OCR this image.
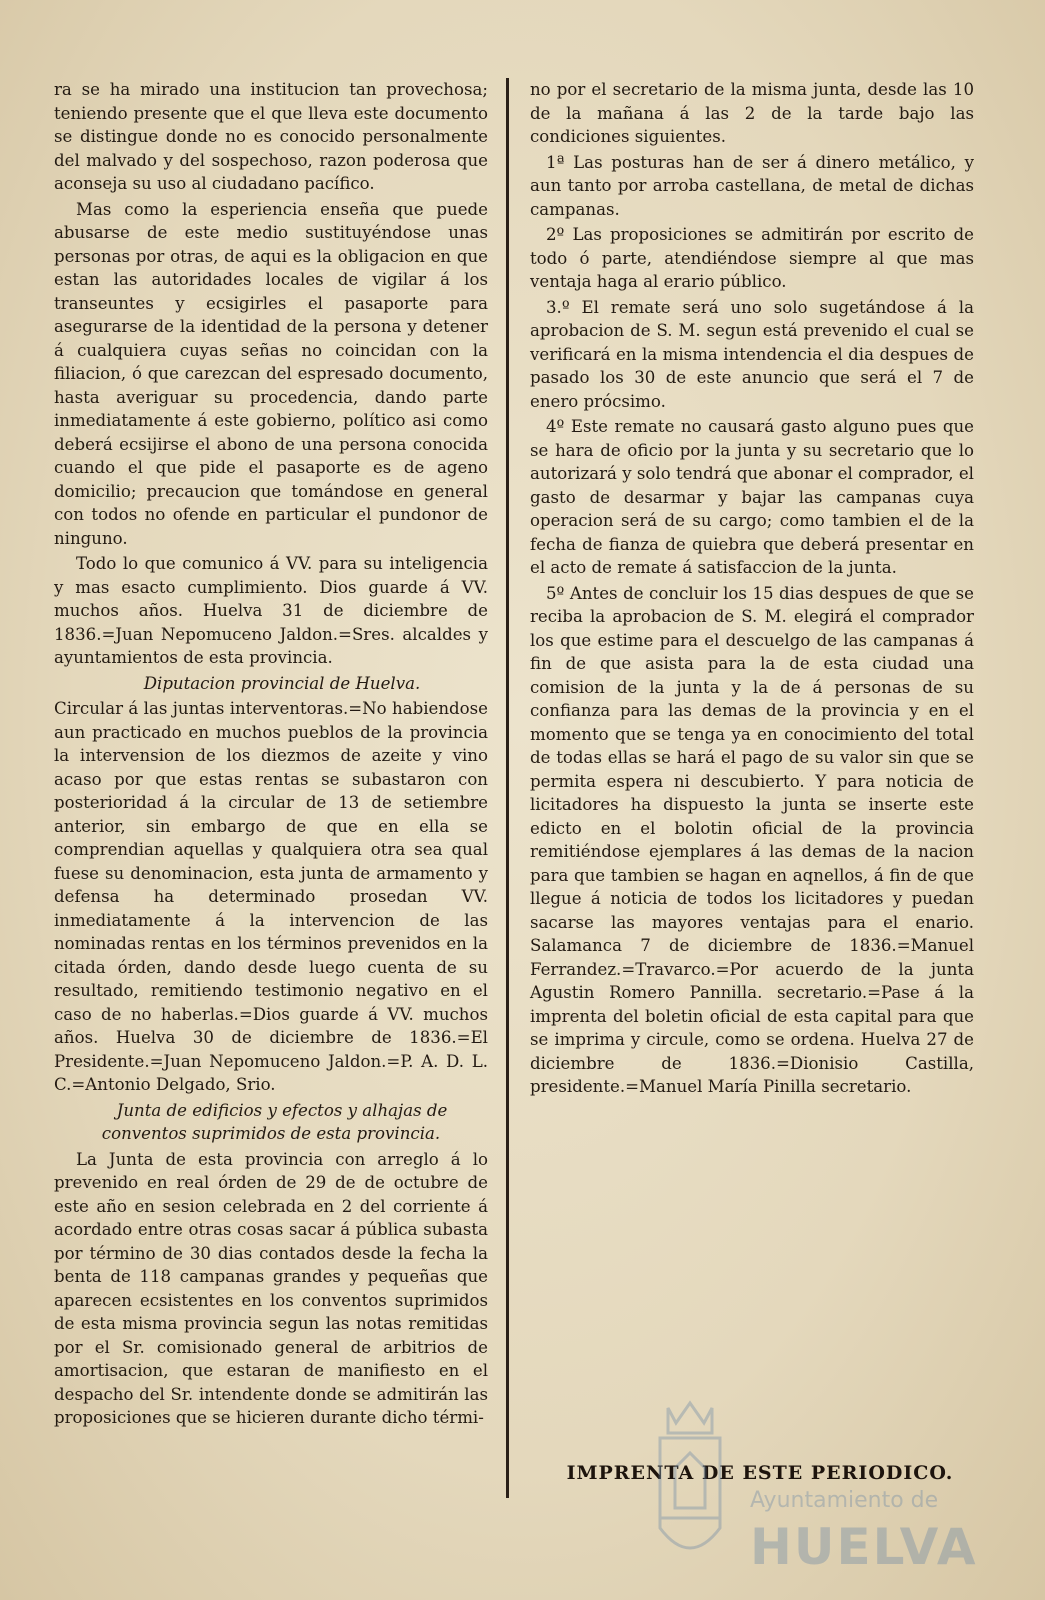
ra se ha mirado una institucion tan provechosa; teniendo presente que el que lleva este documento se distingue donde no es conocido personalmente del malvado y del sospechoso, razon poderosa que aconseja su uso al ciudadano pacífico.

Mas como la esperiencia enseña que puede abusarse de este medio sustituyéndose unas personas por otras, de aqui es la obligacion en que estan las autoridades locales de vigilar á los transeuntes y ecsigirles el pasaporte para asegurarse de la identidad de la persona y detener á cualquiera cuyas señas no coincidan con la filiacion, ó que carezcan del espresado documento, hasta averiguar su procedencia, dando parte inmediatamente á este gobierno, político asi como deberá ecsijirse el abono de una persona conocida cuando el que pide el pasaporte es de ageno domicilio; precaucion que tomándose en general con todos no ofende en particular el pundonor de ninguno.

Todo lo que comunico á VV. para su inteligencia y mas esacto cumplimiento. Dios guarde á VV. muchos años. Huelva 31 de diciembre de 1836.=Juan Nepomuceno Jaldon.=Sres. alcaldes y ayuntamientos de esta provincia.

Diputacion provincial de Huelva.

Circular á las juntas interventoras.=No habiendose aun practicado en muchos pueblos de la provincia la intervension de los diezmos de azeite y vino acaso por que estas rentas se subastaron con posterioridad á la circular de 13 de setiembre anterior, sin embargo de que en ella se comprendian aquellas y qualquiera otra sea qual fuese su denominacion, esta junta de armamento y defensa ha determinado prosedan VV. inmediatamente á la intervencion de las nominadas rentas en los términos prevenidos en la citada órden, dando desde luego cuenta de su resultado, remitiendo testimonio negativo en el caso de no haberlas.=Dios guarde á VV. muchos años. Huelva 30 de diciembre de 1836.=El Presidente.=Juan Nepomuceno Jaldon.=P. A. D. L. C.=Antonio Delgado, Srio.

Junta de edificios y efectos y alhajas de conventos suprimidos de esta provincia.

La Junta de esta provincia con arreglo á lo prevenido en real órden de 29 de de octubre de este año en sesion celebrada en 2 del corriente á acordado entre otras cosas sacar á pública subasta por término de 30 dias contados desde la fecha la benta de 118 campanas grandes y pequeñas que aparecen ecsistentes en los conventos suprimidos de esta misma provincia segun las notas remitidas por el Sr. comisionado general de arbitrios de amortisacion, que estaran de manifiesto en el despacho del Sr. intendente donde se admitirán las proposiciones que se hicieren durante dicho térmi-

no por el secretario de la misma junta, desde las 10 de la mañana á las 2 de la tarde bajo las condiciones siguientes.

1ª Las posturas han de ser á dinero metálico, y aun tanto por arroba castellana, de metal de dichas campanas.

2º Las proposiciones se admitirán por escrito de todo ó parte, atendiéndose siempre al que mas ventaja haga al erario público.

3.º El remate será uno solo sugetándose á la aprobacion de S. M. segun está prevenido el cual se verificará en la misma intendencia el dia despues de pasado los 30 de este anuncio que será el 7 de enero prócsimo.

4º Este remate no causará gasto alguno pues que se hara de oficio por la junta y su secretario que lo autorizará y solo tendrá que abonar el comprador, el gasto de desarmar y bajar las campanas cuya operacion será de su cargo; como tambien el de la fecha de fianza de quiebra que deberá presentar en el acto de remate á satisfaccion de la junta.

5º Antes de concluir los 15 dias despues de que se reciba la aprobacion de S. M. elegirá el comprador los que estime para el descuelgo de las campanas á fin de que asista para la de esta ciudad una comision de la junta y la de á personas de su confianza para las demas de la provincia y en el momento que se tenga ya en conocimiento del total de todas ellas se hará el pago de su valor sin que se permita espera ni descubierto. Y para noticia de licitadores ha dispuesto la junta se inserte este edicto en el bolotin oficial de la provincia remitiéndose ejemplares á las demas de la nacion para que tambien se hagan en aqnellos, á fin de que llegue á noticia de todos los licitadores y puedan sacarse las mayores ventajas para el enario. Salamanca 7 de diciembre de 1836.=Manuel Ferrandez.=Travarco.=Por acuerdo de la junta Agustin Romero Pannilla. secretario.=Pase á la imprenta del boletin oficial de esta capital para que se imprima y circule, como se ordena. Huelva 27 de diciembre de 1836.=Dionisio Castilla, presidente.=Manuel María Pinilla secretario.

IMPRENTA DE ESTE PERIODICO.
Ayuntamiento de
HUELVA
